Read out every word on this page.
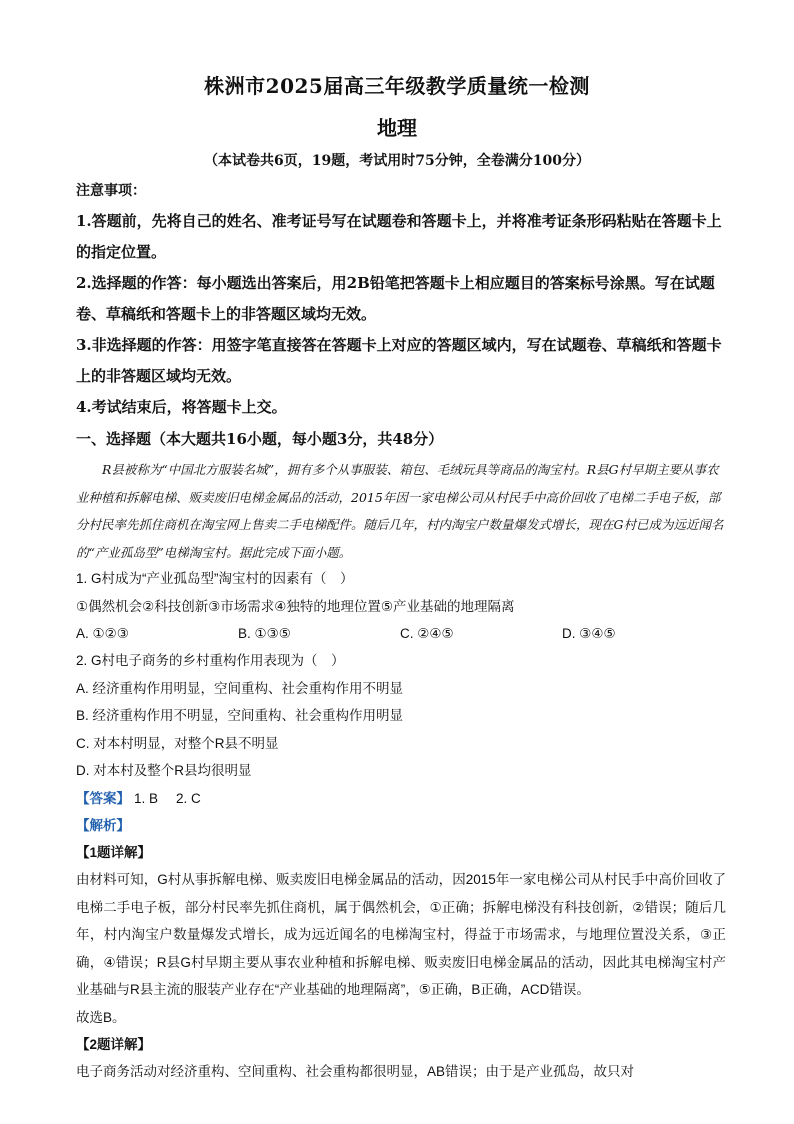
株洲市2025届高三年级教学质量统一检测
地理
（本试卷共6页，19题，考试用时75分钟，全卷满分100分）
注意事项：

1.答题前，先将自己的姓名、准考证号写在试题卷和答题卡上，并将准考证条形码粘贴在答题卡上的指定位置。

2.选择题的作答：每小题选出答案后，用2B铅笔把答题卡上相应题目的答案标号涂黑。写在试题卷、草稿纸和答题卡上的非答题区域均无效。

3.非选择题的作答：用签字笔直接答在答题卡上对应的答题区域内，写在试题卷、草稿纸和答题卡上的非答题区域均无效。

4.考试结束后，将答题卡上交。

一、选择题（本大题共16小题，每小题3分，共48分）

R县被称为“中国北方服装名城”，拥有多个从事服装、箱包、毛绒玩具等商品的淘宝村。R县G村早期主要从事农业种植和拆解电梯、贩卖废旧电梯金属品的活动，2015年因一家电梯公司从村民手中高价回收了电梯二手电子板，部分村民率先抓住商机在淘宝网上售卖二手电梯配件。随后几年，村内淘宝户数量爆发式增长，现在G村已成为远近闻名的“产业孤岛型”电梯淘宝村。据此完成下面小题。

1. G村成为“产业孤岛型”淘宝村的因素有（　）
①偶然机会②科技创新③市场需求④独特的地理位置⑤产业基础的地理隔离
A. ①②③	B. ①③⑤	C. ②④⑤	D. ③④⑤
2. G村电子商务的乡村重构作用表现为（　）
A. 经济重构作用明显，空间重构、社会重构作用不明显
B. 经济重构作用不明显，空间重构、社会重构作用明显
C. 对本村明显，对整个R县不明显
D. 对本村及整个R县均很明显
【答案】 1. B 2. C
【解析】
【1题详解】

由材料可知，G村从事拆解电梯、贩卖废旧电梯金属品的活动，因2015年一家电梯公司从村民手中高价回收了电梯二手电子板，部分村民率先抓住商机，属于偶然机会，①正确；拆解电梯没有科技创新，②错误；随后几年，村内淘宝户数量爆发式增长，成为远近闻名的电梯淘宝村，得益于市场需求，与地理位置没关系，③正确，④错误；R县G村早期主要从事农业种植和拆解电梯、贩卖废旧电梯金属品的活动，因此其电梯淘宝村产业基础与R县主流的服装产业存在“产业基础的地理隔离”，⑤正确，B正确，ACD错误。

故选B。

【2题详解】

电子商务活动对经济重构、空间重构、社会重构都很明显，AB错误；由于是产业孤岛，故只对
